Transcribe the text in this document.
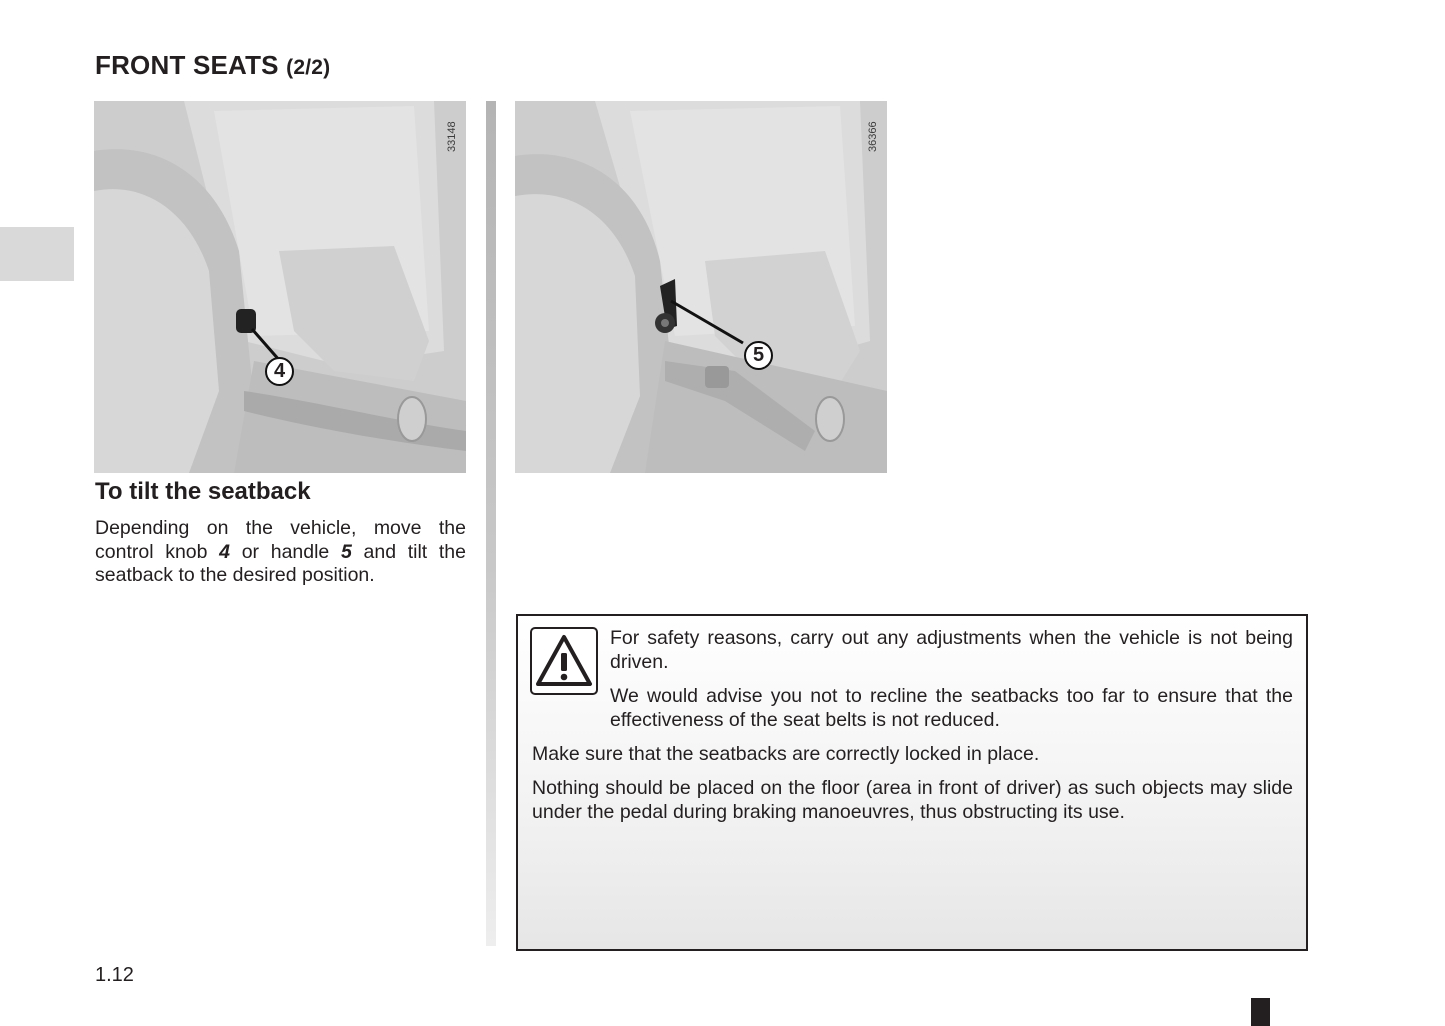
FRONT SEATS (2/2)
33148
4
36366
5
To tilt the seatback
Depending on the vehicle, move the control knob 4 or handle 5 and tilt the seatback to the desired position.

For safety reasons, carry out any adjustments when the vehicle is not being driven.

We would advise you not to recline the seatbacks too far to ensure that the effectiveness of the seat belts is not reduced.

Make sure that the seatbacks are correctly locked in place.

Nothing should be placed on the floor (area in front of driver) as such objects may slide under the pedal during braking manoeuvres, thus obstructing its use.

1.12
